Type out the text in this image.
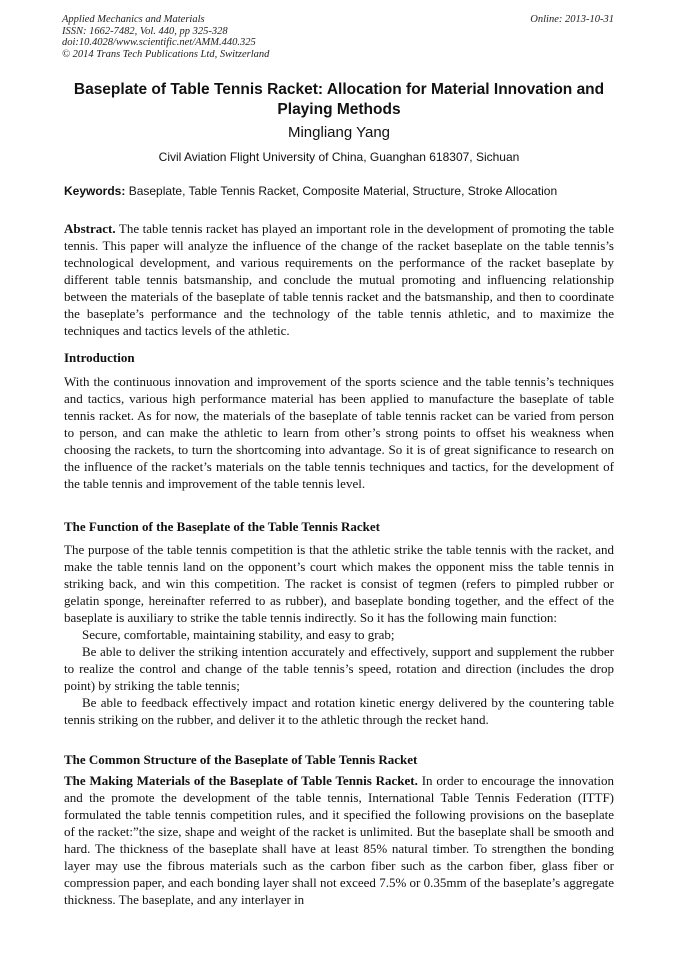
Applied Mechanics and Materials
ISSN: 1662-7482, Vol. 440, pp 325-328
doi:10.4028/www.scientific.net/AMM.440.325
© 2014 Trans Tech Publications Ltd, Switzerland
Online: 2013-10-31
Baseplate of Table Tennis Racket: Allocation for Material Innovation and Playing Methods
Mingliang Yang
Civil Aviation Flight University of China, Guanghan 618307, Sichuan
Keywords: Baseplate, Table Tennis Racket, Composite Material, Structure, Stroke Allocation
Abstract. The table tennis racket has played an important role in the development of promoting the table tennis. This paper will analyze the influence of the change of the racket baseplate on the table tennis’s technological development, and various requirements on the performance of the racket baseplate by different table tennis batsmanship, and conclude the mutual promoting and influencing relationship between the materials of the baseplate of table tennis racket and the batsmanship, and then to coordinate the baseplate’s performance and the technology of the table tennis athletic, and to maximize the techniques and tactics levels of the athletic.
Introduction
With the continuous innovation and improvement of the sports science and the table tennis’s techniques and tactics, various high performance material has been applied to manufacture the baseplate of table tennis racket. As for now, the materials of the baseplate of table tennis racket can be varied from person to person, and can make the athletic to learn from other’s strong points to offset his weakness when choosing the rackets, to turn the shortcoming into advantage. So it is of great significance to research on the influence of the racket’s materials on the table tennis techniques and tactics, for the development of the table tennis and improvement of the table tennis level.
The Function of the Baseplate of the Table Tennis Racket
The purpose of the table tennis competition is that the athletic strike the table tennis with the racket, and make the table tennis land on the opponent’s court which makes the opponent miss the table tennis in striking back, and win this competition. The racket is consist of tegmen (refers to pimpled rubber or gelatin sponge, hereinafter referred to as rubber), and baseplate bonding together, and the effect of the baseplate is auxiliary to strike the table tennis indirectly. So it has the following main function:
Secure, comfortable, maintaining stability, and easy to grab;
Be able to deliver the striking intention accurately and effectively, support and supplement the rubber to realize the control and change of the table tennis’s speed, rotation and direction (includes the drop point) by striking the table tennis;
Be able to feedback effectively impact and rotation kinetic energy delivered by the countering table tennis striking on the rubber, and deliver it to the athletic through the recket hand.
The Common Structure of the Baseplate of Table Tennis Racket
The Making Materials of the Baseplate of Table Tennis Racket. In order to encourage the innovation and the promote the development of the table tennis, International Table Tennis Federation (ITTF) formulated the table tennis competition rules, and it specified the following provisions on the baseplate of the racket:”the size, shape and weight of the racket is unlimited. But the baseplate shall be smooth and hard. The thickness of the baseplate shall have at least 85% natural timber. To strengthen the bonding layer may use the fibrous materials such as the carbon fiber such as the carbon fiber, glass fiber or compression paper, and each bonding layer shall not exceed 7.5% or 0.35mm of the baseplate’s aggregate thickness. The baseplate, and any interlayer in
